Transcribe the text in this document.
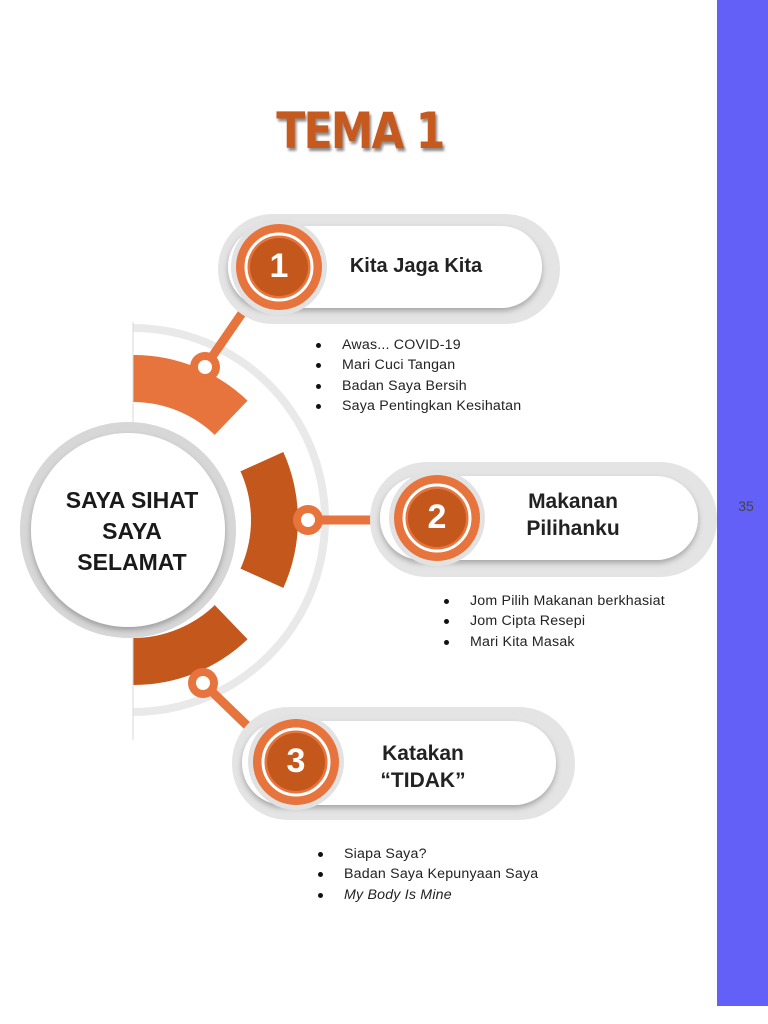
35
TEMA 1
SAYA SIHAT
SAYA
SELAMAT
1
2
3
Kita Jaga Kita
Makanan
Pilihanku
Katakan
“TIDAK”
Awas... COVID-19
Mari Cuci Tangan
Badan Saya Bersih
Saya Pentingkan Kesihatan
Jom Pilih Makanan berkhasiat
Jom Cipta Resepi
Mari Kita Masak
Siapa Saya?
Badan Saya Kepunyaan Saya
My Body Is Mine
